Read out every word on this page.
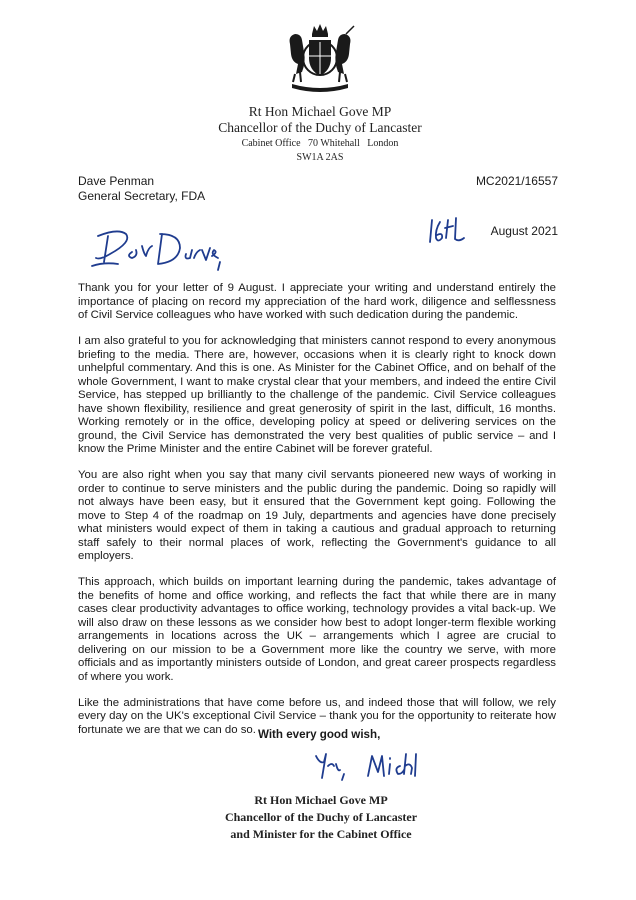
Rt Hon Michael Gove MP
Chancellor of the Duchy of Lancaster
Cabinet Office   70 Whitehall   London
SW1A 2AS
Dave Penman
General Secretary, FDA
MC2021/16557
August 2021

Thank you for your letter of 9 August. I appreciate your writing and understand entirely the importance of placing on record my appreciation of the hard work, diligence and selflessness of Civil Service colleagues who have worked with such dedication during the pandemic.

I am also grateful to you for acknowledging that ministers cannot respond to every anonymous briefing to the media. There are, however, occasions when it is clearly right to knock down unhelpful commentary. And this is one. As Minister for the Cabinet Office, and on behalf of the whole Government, I want to make crystal clear that your members, and indeed the entire Civil Service, has stepped up brilliantly to the challenge of the pandemic. Civil Service colleagues have shown flexibility, resilience and great generosity of spirit in the last, difficult, 16 months. Working remotely or in the office, developing policy at speed or delivering services on the ground, the Civil Service has demonstrated the very best qualities of public service – and I know the Prime Minister and the entire Cabinet will be forever grateful.

You are also right when you say that many civil servants pioneered new ways of working in order to continue to serve ministers and the public during the pandemic. Doing so rapidly will not always have been easy, but it ensured that the Government kept going. Following the move to Step 4 of the roadmap on 19 July, departments and agencies have done precisely what ministers would expect of them in taking a cautious and gradual approach to returning staff safely to their normal places of work, reflecting the Government's guidance to all employers.

This approach, which builds on important learning during the pandemic, takes advantage of the benefits of home and office working, and reflects the fact that while there are in many cases clear productivity advantages to office working, technology provides a vital back-up. We will also draw on these lessons as we consider how best to adopt longer-term flexible working arrangements in locations across the UK – arrangements which I agree are crucial to delivering on our mission to be a Government more like the country we serve, with more officials and as importantly ministers outside of London, and great career prospects regardless of where you work.

Like the administrations that have come before us, and indeed those that will follow, we rely every day on the UK's exceptional Civil Service – thank you for the opportunity to reiterate how fortunate we are that we can do so. With every good wish,
Rt Hon Michael Gove MP
Chancellor of the Duchy of Lancaster
and Minister for the Cabinet Office
